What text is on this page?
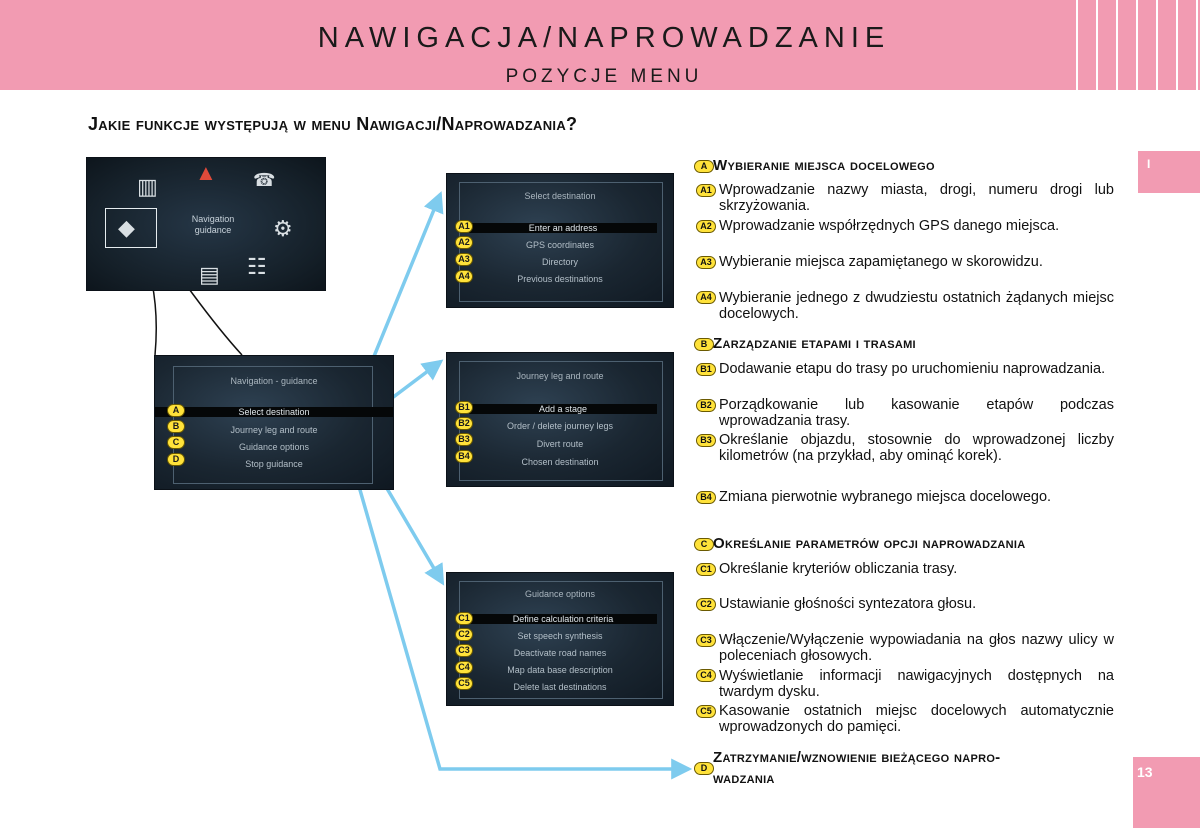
NAWIGACJA/NAPROWADZANIE
POZYCJE MENU
Jakie funkcje występują w menu Nawigacji/Naprowadzania?
I
13
▥
▲ ☎
⚙
☷
▤
◆	Navigation
guidance
Navigation - guidance
Select destination
Journey leg and route
Guidance options
Stop guidance
A
B
C
D
Select destination
Enter an address
GPS coordinates
Directory
Previous destinations
A1
A2
A3
A4
Journey leg and route
Add a stage
Order / delete journey legs
Divert route
Chosen destination
B1
B2
B3
B4
Guidance options
Define calculation criteria
Set speech synthesis
Deactivate road names
Map data base description
Delete last destinations
C1
C2
C3
C4
C5
A Wybieranie miejsca docelowego
A1 Wprowadzanie nazwy miasta, drogi, numeru drogi lub skrzyżowania.
A2 Wprowadzanie współrzędnych GPS danego miejsca.
A3 Wybieranie miejsca zapamiętanego w skorowidzu.
A4 Wybieranie jednego z dwudziestu ostatnich żądanych miejsc docelowych.
B Zarządzanie etapami i trasami
B1 Dodawanie etapu do trasy po uruchomieniu naprowadzania.
B2 Porządkowanie lub kasowanie etapów podczas wprowadzania trasy.
B3 Określanie objazdu, stosownie do wprowadzonej liczby kilometrów (na przykład, aby ominąć korek).
B4 Zmiana pierwotnie wybranego miejsca docelowego.
C Określanie parametrów opcji naprowadzania
C1 Określanie kryteriów obliczania trasy.
C2 Ustawianie głośności syntezatora głosu.
C3 Włączenie/Wyłączenie wypowiadania na głos nazwy ulicy w poleceniach głosowych.
C4 Wyświetlanie informacji nawigacyjnych dostępnych na twardym dysku.
C5 Kasowanie ostatnich miejsc docelowych automatycznie wprowadzonych do pamięci.
D
Zatrzymanie/wznowienie bieżącego napro-
wadzania
